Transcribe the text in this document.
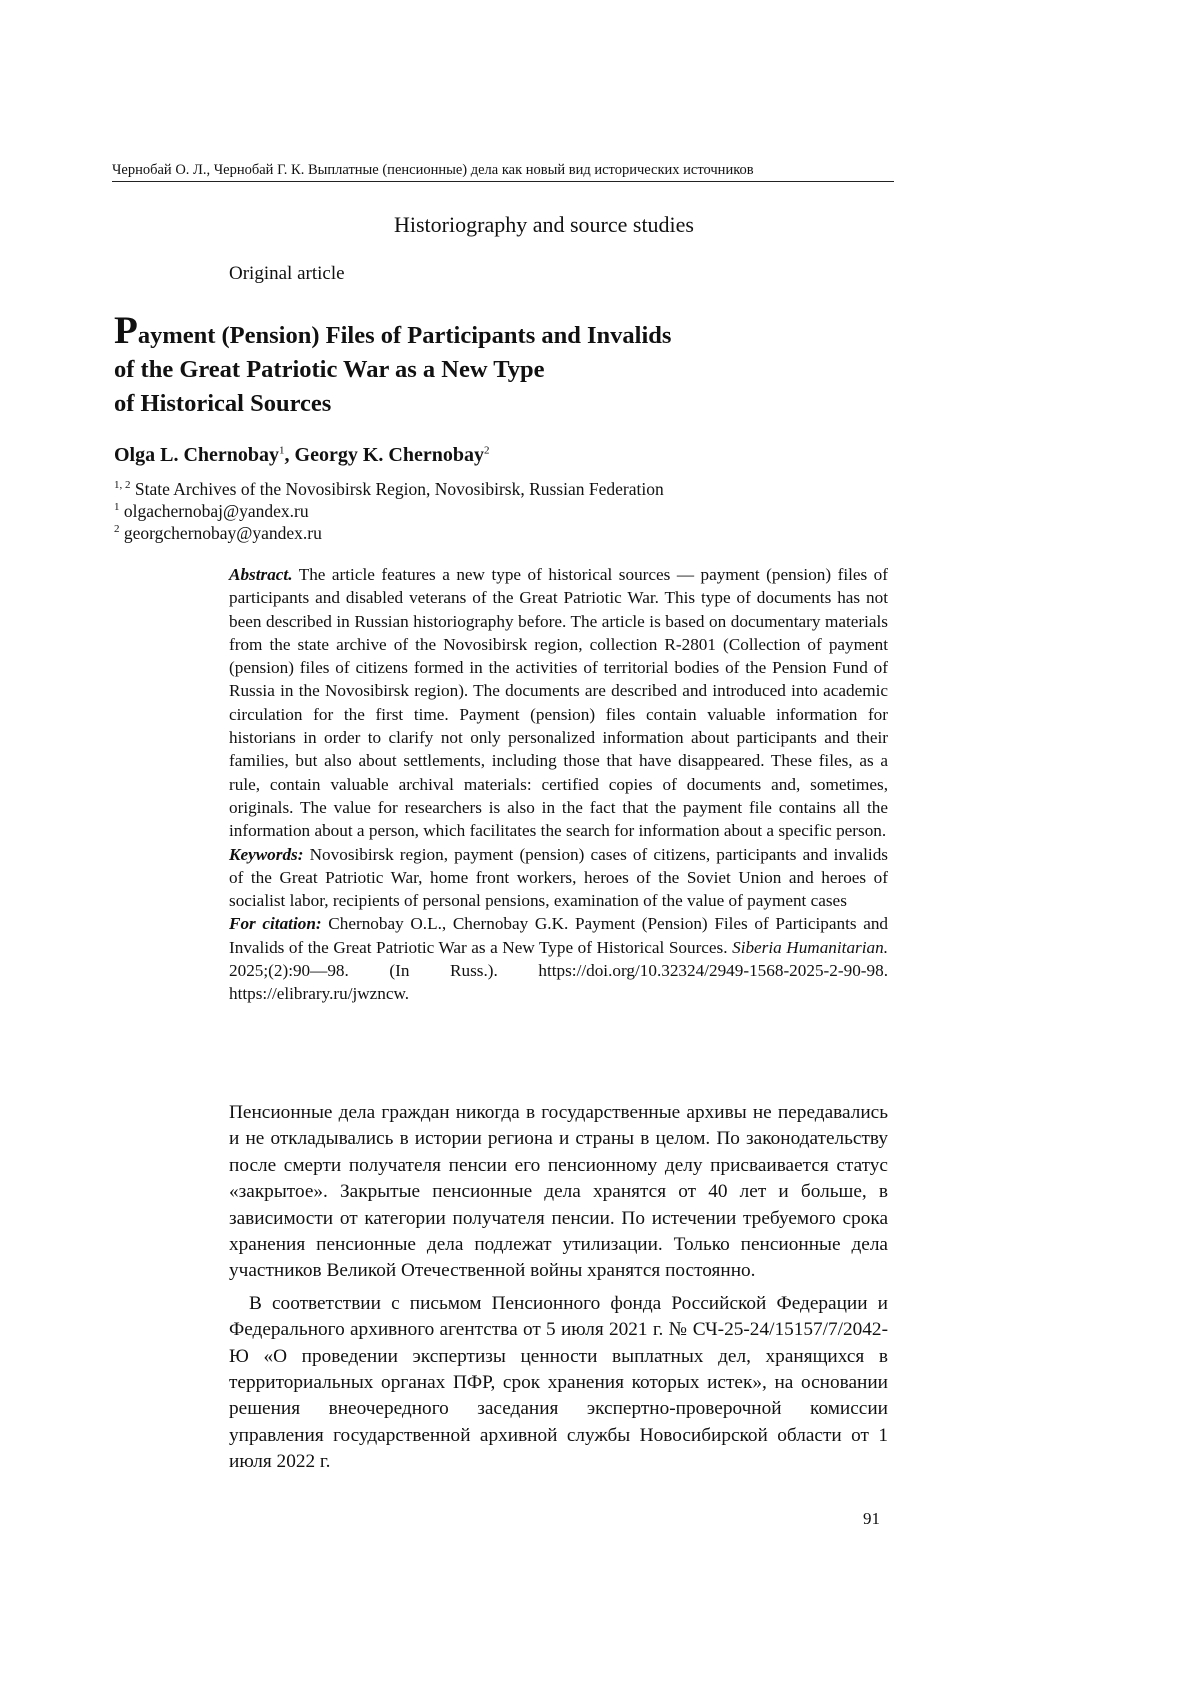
Чернобай О. Л., Чернобай Г. К. Выплатные (пенсионные) дела как новый вид исторических источников
Historiography and source studies
Original article
Payment (Pension) Files of Participants and Invalids
of the Great Patriotic War as a New Type
of Historical Sources
Olga L. Chernobay1, Georgy K. Chernobay2
1, 2 State Archives of the Novosibirsk Region, Novosibirsk, Russian Federation
1 olgachernobaj@yandex.ru
2 georgchernobay@yandex.ru

Abstract. The article features a new type of historical sources — payment (pension) files of participants and disabled veterans of the Great Patriotic War. This type of documents has not been described in Russian historiography before. The article is based on documentary materials from the state archive of the Novosibirsk region, collection R-2801 (Collection of payment (pension) files of citizens formed in the activities of territorial bodies of the Pension Fund of Russia in the Novosibirsk region). The documents are described and introduced into academic circulation for the first time. Payment (pension) files contain valuable information for historians in order to clarify not only personalized information about participants and their families, but also about settlements, including those that have disappeared. These files, as a rule, contain valuable archival materials: certified copies of documents and, sometimes, originals. The value for researchers is also in the fact that the payment file contains all the information about a person, which facilitates the search for information about a specific person.

Keywords: Novosibirsk region, payment (pension) cases of citizens, participants and invalids of the Great Patriotic War, home front workers, heroes of the Soviet Union and heroes of socialist labor, recipients of personal pensions, examination of the value of payment cases

For citation: Chernobay O.L., Chernobay G.K. Payment (Pension) Files of Participants and Invalids of the Great Patriotic War as a New Type of Historical Sources. Siberia Humanitarian. 2025;(2):90—98. (In Russ.). https://doi.org/10.32324/2949-1568-2025-2-90-98. https://elibrary.ru/jwzncw.

Пенсионные дела граждан никогда в государственные архивы не передавались и не откладывались в истории региона и страны в целом. По законодательству после смерти получателя пенсии его пенсионному делу присваивается статус «закрытое». Закрытые пенсионные дела хранятся от 40 лет и больше, в зависимости от категории получателя пенсии. По истечении требуемого срока хранения пенсионные дела подлежат утилизации. Только пенсионные дела участников Великой Отечественной войны хранятся постоянно.

В соответствии с письмом Пенсионного фонда Российской Федерации и Федерального архивного агентства от 5 июля 2021 г. № СЧ-25-24/15157/7/2042-Ю «О проведении экспертизы ценности выплатных дел, хранящихся в территориальных органах ПФР, срок хранения которых истек», на основании решения внеочередного заседания экспертно-проверочной комиссии управления государственной архивной службы Новосибирской области от 1 июля 2022 г.

91
